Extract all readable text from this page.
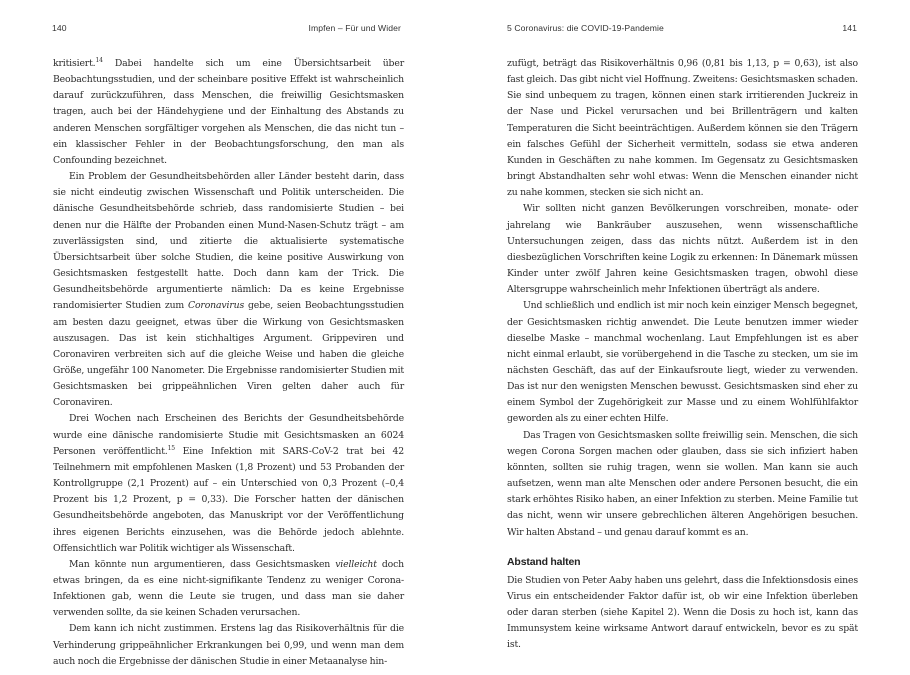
140	Impfen – Für und Wider

kritisiert.$^{14}$ Dabei handelte sich um eine Übersichtsarbeit über Beobachtungsstudien, und der scheinbare positive Effekt ist wahrscheinlich darauf zurückzuführen, dass Menschen, die freiwillig Gesichtsmasken tragen, auch bei der Händehygiene und der Einhaltung des Abstands zu anderen Menschen sorgfältiger vorgehen als Menschen, die das nicht tun – ein klassischer Fehler in der Beobachtungsforschung, den man als Confounding bezeichnet.

Ein Problem der Gesundheitsbehörden aller Länder besteht darin, dass sie nicht eindeutig zwischen Wissenschaft und Politik unterscheiden. Die dänische Gesundheitsbehörde schrieb, dass randomisierte Studien – bei denen nur die Hälfte der Probanden einen Mund-Nasen-Schutz trägt – am zuverlässigsten sind, und zitierte die aktualisierte systematische Übersichtsarbeit über solche Studien, die keine positive Auswirkung von Gesichtsmasken festgestellt hatte. Doch dann kam der Trick. Die Gesundheitsbehörde argumentierte nämlich: Da es keine Ergebnisse randomisierter Studien zum Coronavirus gebe, seien Beobachtungsstudien am besten dazu geeignet, etwas über die Wirkung von Gesichtsmasken auszusagen. Das ist kein stichhaltiges Argument. Grippeviren und Coronaviren verbreiten sich auf die gleiche Weise und haben die gleiche Größe, ungefähr 100 Nanometer. Die Ergebnisse randomisierter Studien mit Gesichtsmasken bei grippeähnlichen Viren gelten daher auch für Coronaviren.

Drei Wochen nach Erscheinen des Berichts der Gesundheitsbehörde wurde eine dänische randomisierte Studie mit Gesichtsmasken an 6024 Personen veröffentlicht.$^{15}$ Eine Infektion mit SARS-CoV-2 trat bei 42 Teilnehmern mit empfohlenen Masken (1,8 Prozent) und 53 Probanden der Kontrollgruppe (2,1 Prozent) auf – ein Unterschied von 0,3 Prozent (–0,4 Prozent bis 1,2 Prozent, p = 0,33). Die Forscher hatten der dänischen Gesundheitsbehörde angeboten, das Manuskript vor der Veröffentlichung ihres eigenen Berichts einzusehen, was die Behörde jedoch ablehnte. Offensichtlich war Politik wichtiger als Wissenschaft.

Man könnte nun argumentieren, dass Gesichtsmasken vielleicht doch etwas bringen, da es eine nicht-signifikante Tendenz zu weniger Corona-Infektionen gab, wenn die Leute sie trugen, und dass man sie daher verwenden sollte, da sie keinen Schaden verursachen.

Dem kann ich nicht zustimmen. Erstens lag das Risikoverhältnis für die Verhinderung grippeähnlicher Erkrankungen bei 0,99, und wenn man dem auch noch die Ergebnisse der dänischen Studie in einer Metaanalyse hin-

5 Coronavirus: die COVID-19-Pandemie	141

zufügt, beträgt das Risikoverhältnis 0,96 (0,81 bis 1,13, p = 0,63), ist also fast gleich. Das gibt nicht viel Hoffnung. Zweitens: Gesichtsmasken schaden. Sie sind unbequem zu tragen, können einen stark irritierenden Juckreiz in der Nase und Pickel verursachen und bei Brillenträgern und kalten Temperaturen die Sicht beeinträchtigen. Außerdem können sie den Trägern ein falsches Gefühl der Sicherheit vermitteln, sodass sie etwa anderen Kunden in Geschäften zu nahe kommen. Im Gegensatz zu Gesichtsmasken bringt Abstandhalten sehr wohl etwas: Wenn die Menschen einander nicht zu nahe kommen, stecken sie sich nicht an.

Wir sollten nicht ganzen Bevölkerungen vorschreiben, monate- oder jahrelang wie Bankräuber auszusehen, wenn wissenschaftliche Untersuchungen zeigen, dass das nichts nützt. Außerdem ist in den diesbezüglichen Vorschriften keine Logik zu erkennen: In Dänemark müssen Kinder unter zwölf Jahren keine Gesichtsmasken tragen, obwohl diese Altersgruppe wahrscheinlich mehr Infektionen überträgt als andere.

Und schließlich und endlich ist mir noch kein einziger Mensch begegnet, der Gesichtsmasken richtig anwendet. Die Leute benutzen immer wieder dieselbe Maske – manchmal wochenlang. Laut Empfehlungen ist es aber nicht einmal erlaubt, sie vorübergehend in die Tasche zu stecken, um sie im nächsten Geschäft, das auf der Einkaufsroute liegt, wieder zu verwenden. Das ist nur den wenigsten Menschen bewusst. Gesichtsmasken sind eher zu einem Symbol der Zugehörigkeit zur Masse und zu einem Wohlfühlfaktor geworden als zu einer echten Hilfe.

Das Tragen von Gesichtsmasken sollte freiwillig sein. Menschen, die sich wegen Corona Sorgen machen oder glauben, dass sie sich infiziert haben könnten, sollten sie ruhig tragen, wenn sie wollen. Man kann sie auch aufsetzen, wenn man alte Menschen oder andere Personen besucht, die ein stark erhöhtes Risiko haben, an einer Infektion zu sterben. Meine Familie tut das nicht, wenn wir unsere gebrechlichen älteren Angehörigen besuchen. Wir halten Abstand – und genau darauf kommt es an.

Abstand halten

Die Studien von Peter Aaby haben uns gelehrt, dass die Infektionsdosis eines Virus ein entscheidender Faktor dafür ist, ob wir eine Infektion überleben oder daran sterben (siehe Kapitel 2). Wenn die Dosis zu hoch ist, kann das Immunsystem keine wirksame Antwort darauf entwickeln, bevor es zu spät ist.
